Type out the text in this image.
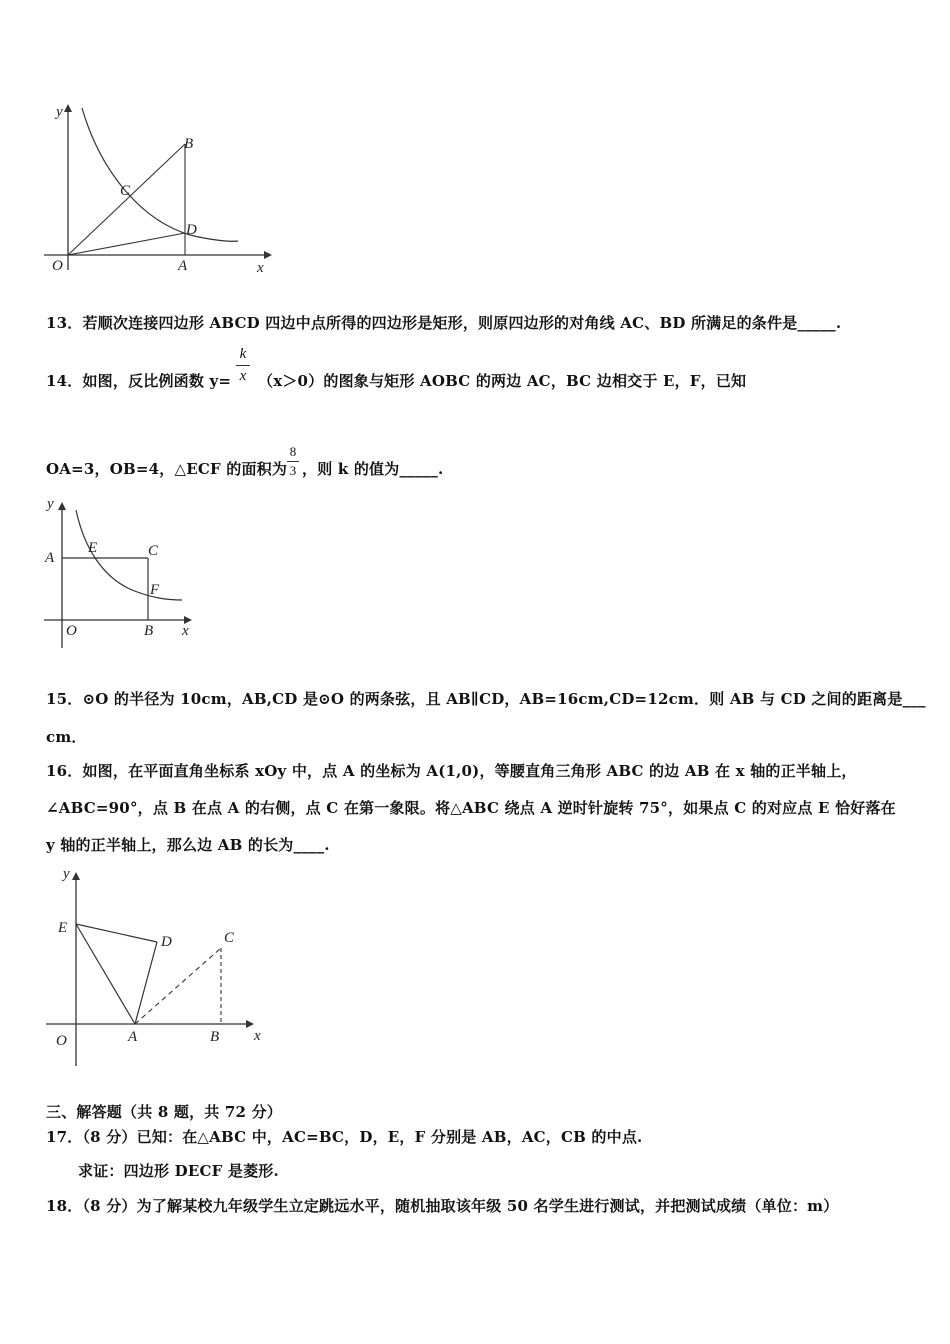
y
B
C
D
O	A	x
13．若顺次连接四边形 ABCD 四边中点所得的四边形是矩形，则原四边形的对角线 AC、BD 所满足的条件是_____.
14．如图，反比例函数 y=
k
x （x＞0）的图象与矩形 AOBC 的两边 AC，BC 边相交于 E，F，已知
OA=3，OB=4，△ECF 的面积为
8
3 ，则 k 的值为_____.
y
A
E	C
F
O	B x
15．⊙O 的半径为 10cm，AB,CD 是⊙O 的两条弦，且 AB∥CD，AB=16cm,CD=12cm．则 AB 与 CD 之间的距离是___
cm．
16．如图，在平面直角坐标系 xOy 中，点 A 的坐标为 A(1,0)，等腰直角三角形 ABC 的边 AB 在 x 轴的正半轴上，
∠ABC=90°，点 B 在点 A 的右侧，点 C 在第一象限。将△ABC 绕点 A 逆时针旋转 75°，如果点 C 的对应点 E 恰好落在
y 轴的正半轴上，那么边 AB 的长为____.
y
E
D	C
O	A	B x
三、解答题（共 8 题，共 72 分）
17．（8 分）已知：在△ABC 中，AC=BC，D，E，F 分别是 AB，AC，CB 的中点.
求证：四边形 DECF 是菱形.
18．（8 分）为了解某校九年级学生立定跳远水平，随机抽取该年级 50 名学生进行测试，并把测试成绩（单位：m）
